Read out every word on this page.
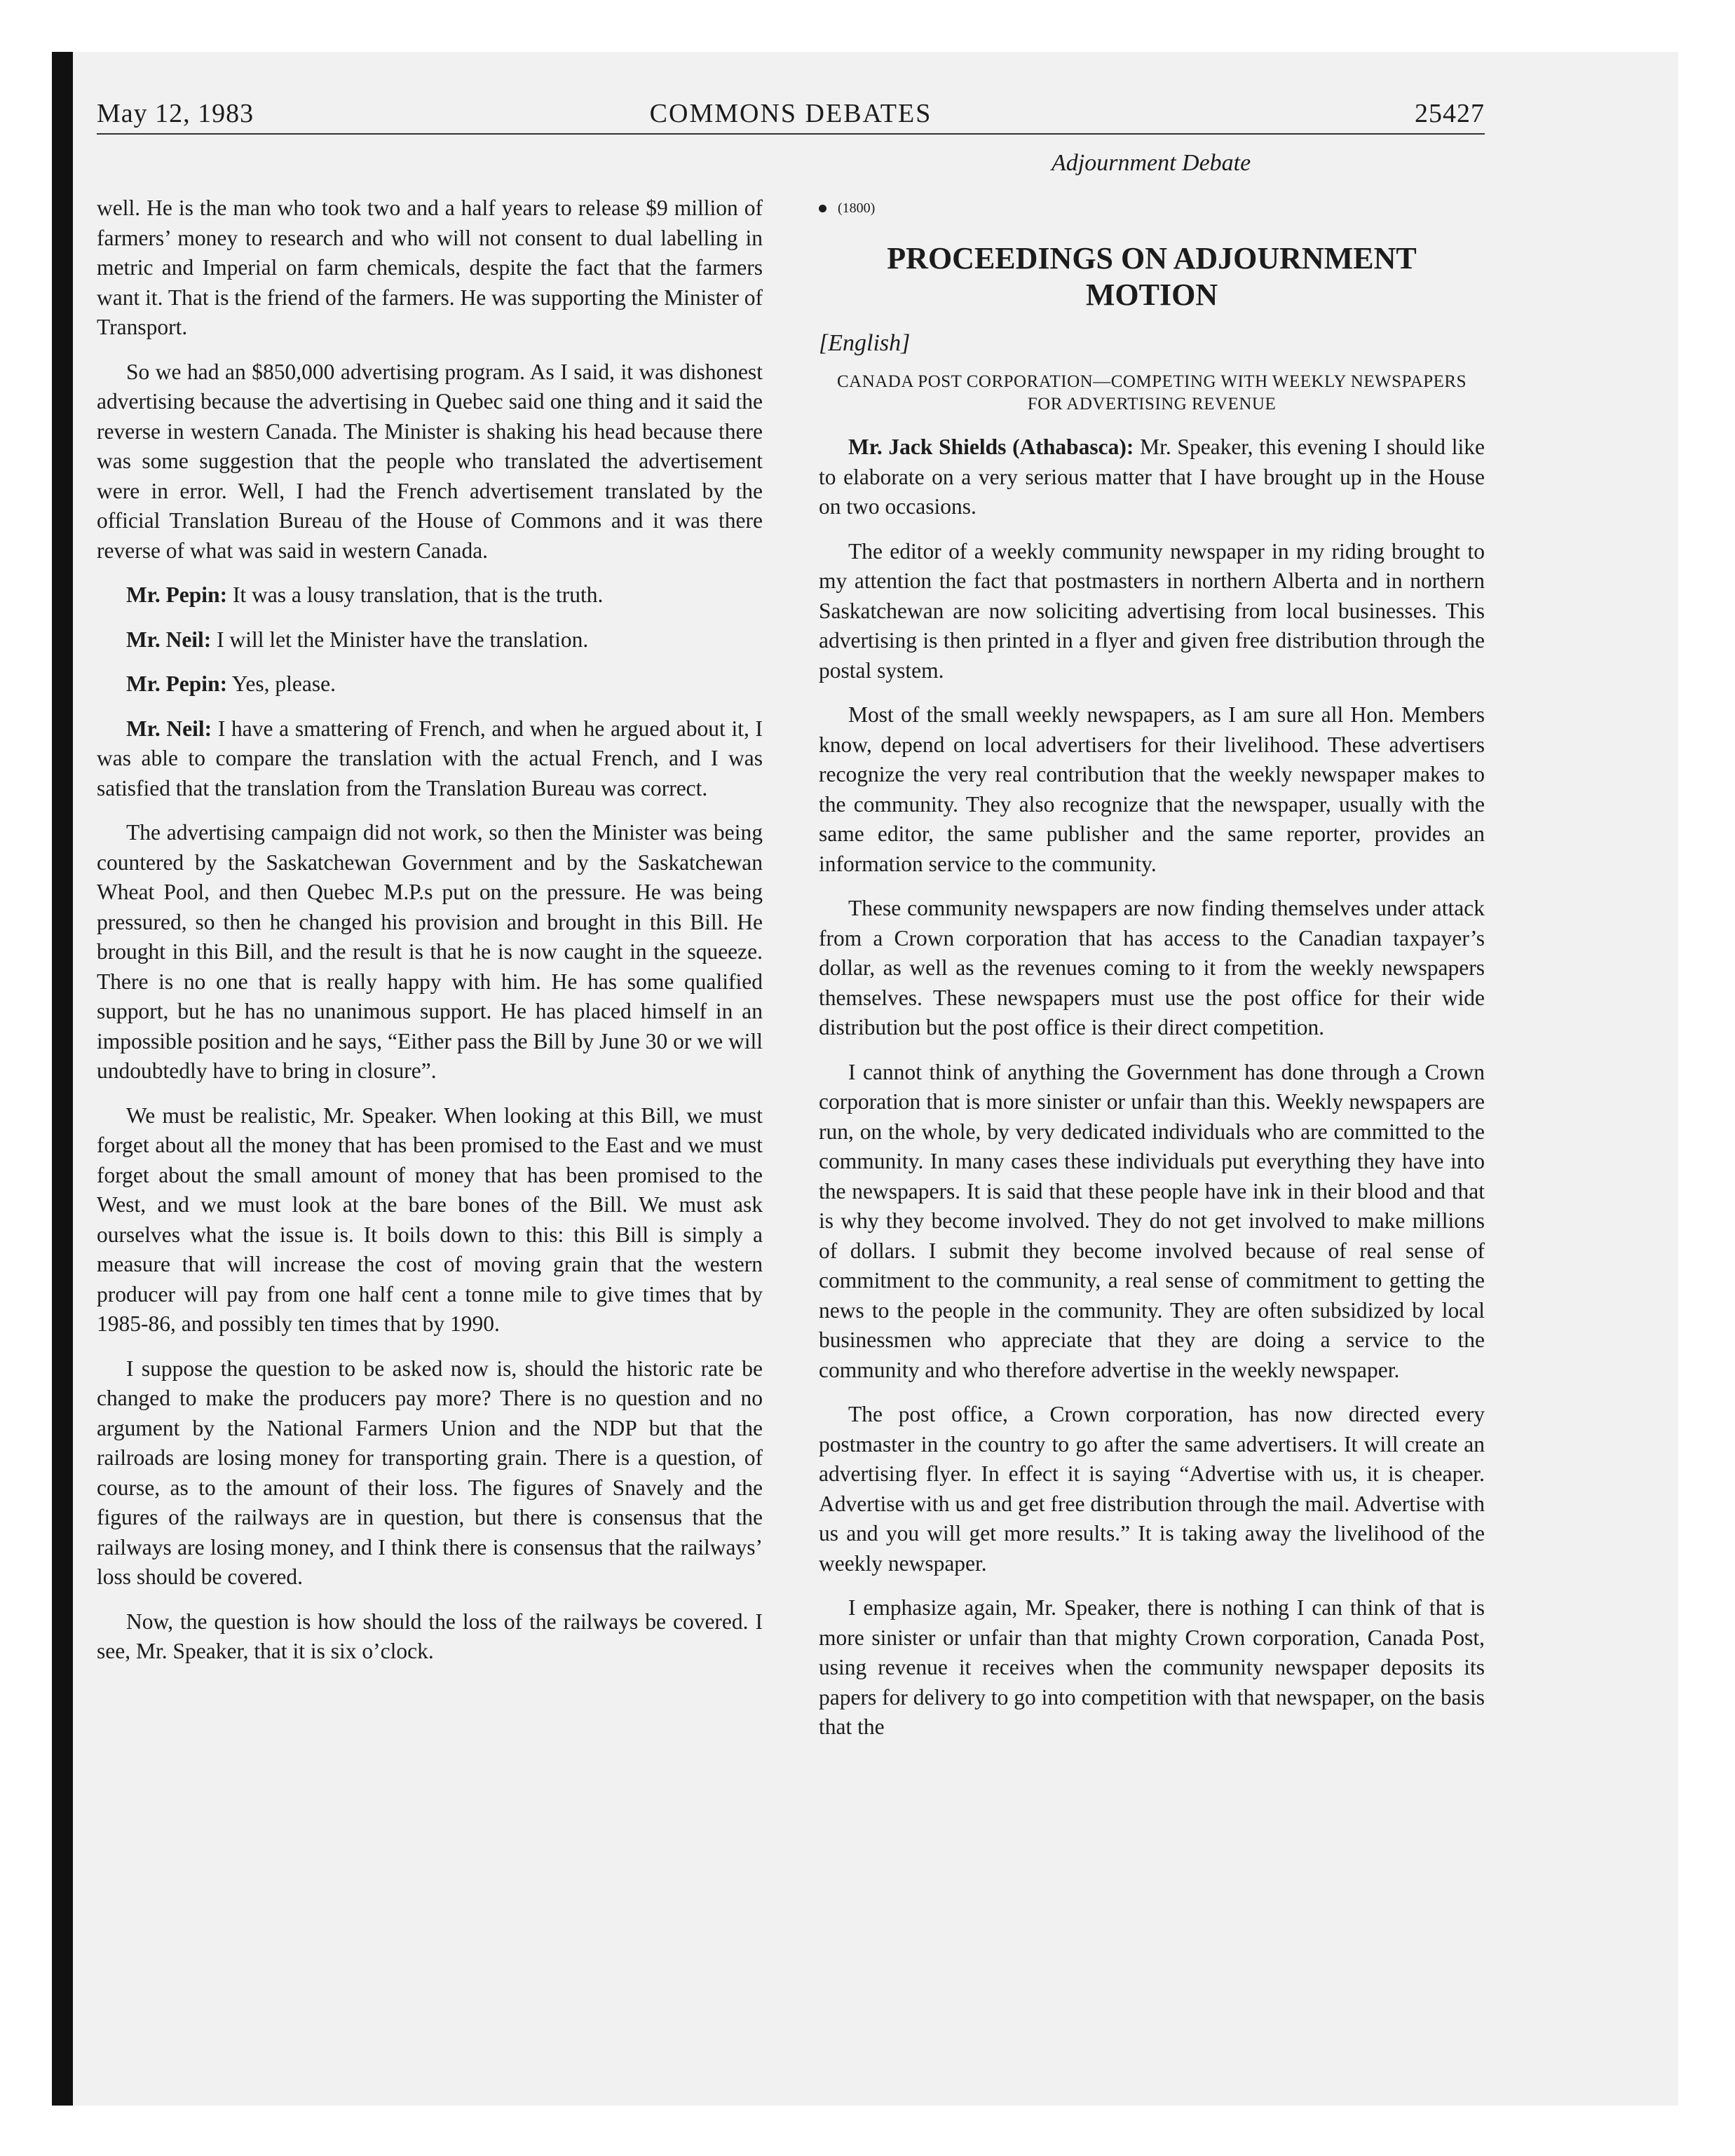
May 12, 1983	COMMONS DEBATES	25427
Adjournment Debate

well. He is the man who took two and a half years to release $9 million of farmers’ money to research and who will not consent to dual labelling in metric and Imperial on farm chemicals, despite the fact that the farmers want it. That is the friend of the farmers. He was supporting the Minister of Transport.

So we had an $850,000 advertising program. As I said, it was dishonest advertising because the advertising in Quebec said one thing and it said the reverse in western Canada. The Minister is shaking his head because there was some suggestion that the people who translated the advertisement were in error. Well, I had the French advertisement translated by the official Translation Bureau of the House of Commons and it was there reverse of what was said in western Canada.

Mr. Pepin: It was a lousy translation, that is the truth.

Mr. Neil: I will let the Minister have the translation.

Mr. Pepin: Yes, please.

Mr. Neil: I have a smattering of French, and when he argued about it, I was able to compare the translation with the actual French, and I was satisfied that the translation from the Translation Bureau was correct.

The advertising campaign did not work, so then the Minister was being countered by the Saskatchewan Government and by the Saskatchewan Wheat Pool, and then Quebec M.P.s put on the pressure. He was being pressured, so then he changed his provision and brought in this Bill. He brought in this Bill, and the result is that he is now caught in the squeeze. There is no one that is really happy with him. He has some qualified support, but he has no unanimous support. He has placed himself in an impossible position and he says, “Either pass the Bill by June 30 or we will undoubtedly have to bring in closure”.

We must be realistic, Mr. Speaker. When looking at this Bill, we must forget about all the money that has been promised to the East and we must forget about the small amount of money that has been promised to the West, and we must look at the bare bones of the Bill. We must ask ourselves what the issue is. It boils down to this: this Bill is simply a measure that will increase the cost of moving grain that the western producer will pay from one half cent a tonne mile to give times that by 1985-86, and possibly ten times that by 1990.

I suppose the question to be asked now is, should the historic rate be changed to make the producers pay more? There is no question and no argument by the National Farmers Union and the NDP but that the railroads are losing money for transporting grain. There is a question, of course, as to the amount of their loss. The figures of Snavely and the figures of the railways are in question, but there is consensus that the railways are losing money, and I think there is consensus that the railways’ loss should be covered.

Now, the question is how should the loss of the railways be covered. I see, Mr. Speaker, that it is six o’clock.

(1800)
PROCEEDINGS ON ADJOURNMENT MOTION
[English]
CANADA POST CORPORATION—COMPETING WITH WEEKLY NEWSPAPERS FOR ADVERTISING REVENUE

Mr. Jack Shields (Athabasca): Mr. Speaker, this evening I should like to elaborate on a very serious matter that I have brought up in the House on two occasions.

The editor of a weekly community newspaper in my riding brought to my attention the fact that postmasters in northern Alberta and in northern Saskatchewan are now soliciting advertising from local businesses. This advertising is then printed in a flyer and given free distribution through the postal system.

Most of the small weekly newspapers, as I am sure all Hon. Members know, depend on local advertisers for their livelihood. These advertisers recognize the very real contribution that the weekly newspaper makes to the community. They also recognize that the newspaper, usually with the same editor, the same publisher and the same reporter, provides an information service to the community.

These community newspapers are now finding themselves under attack from a Crown corporation that has access to the Canadian taxpayer’s dollar, as well as the revenues coming to it from the weekly newspapers themselves. These newspapers must use the post office for their wide distribution but the post office is their direct competition.

I cannot think of anything the Government has done through a Crown corporation that is more sinister or unfair than this. Weekly newspapers are run, on the whole, by very dedicated individuals who are committed to the community. In many cases these individuals put everything they have into the newspapers. It is said that these people have ink in their blood and that is why they become involved. They do not get involved to make millions of dollars. I submit they become involved because of real sense of commitment to the community, a real sense of commitment to getting the news to the people in the community. They are often subsidized by local businessmen who appreciate that they are doing a service to the community and who therefore advertise in the weekly newspaper.

The post office, a Crown corporation, has now directed every postmaster in the country to go after the same advertisers. It will create an advertising flyer. In effect it is saying “Advertise with us, it is cheaper. Advertise with us and get free distribution through the mail. Advertise with us and you will get more results.” It is taking away the livelihood of the weekly newspaper.

I emphasize again, Mr. Speaker, there is nothing I can think of that is more sinister or unfair than that mighty Crown corporation, Canada Post, using revenue it receives when the community newspaper deposits its papers for delivery to go into competition with that newspaper, on the basis that the
